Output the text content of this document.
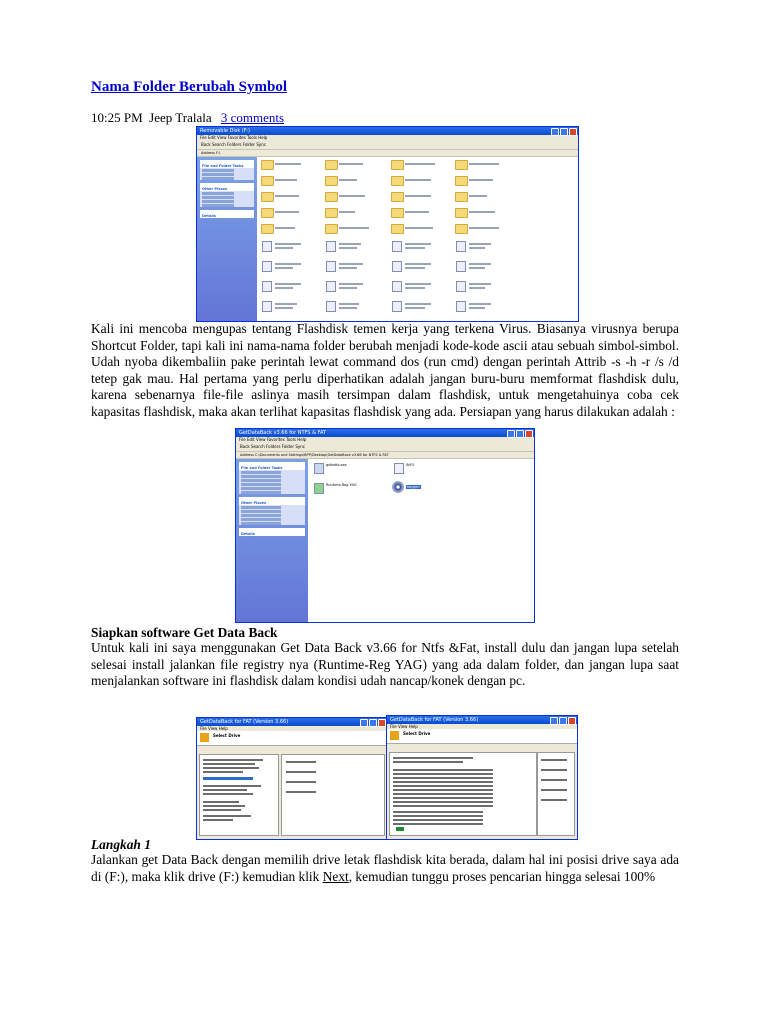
Nama Folder Berubah Symbol
10:25 PM Jeep Tralala 3 comments
Removable Disk (F:)
File Edit View Favorites Tools Help
Back Search Folders Folder Sync
Address F:\
File and Folder Tasks
Other Places
Details

Kali ini mencoba mengupas tentang Flashdisk temen kerja yang terkena Virus. Biasanya virusnya berupa Shortcut Folder, tapi kali ini nama-nama folder berubah menjadi kode-kode ascii atau sebuah simbol-simbol. Udah nyoba dikembaliin pake perintah lewat command dos (run cmd) dengan perintah Attrib -s -h -r /s /d tetep gak mau. Hal pertama yang perlu diperhatikan adalah jangan buru-buru memformat flashdisk dulu, karena sebenarnya file-file aslinya masih tersimpan dalam flashdisk, untuk mengetahuinya coba cek kapasitas flashdisk, maka akan terlihat kapasitas flashdisk yang ada. Persiapan yang harus dilakukan adalah :

GetDataBack v3.66 for NTFS & FAT
File Edit View Favorites Tools Help
Back Search Folders Folder Sync
Address C:\Documents and Settings\BPP\Desktop\GetDataBack v3.66 for NTFS & FAT
File and Folder Tasks
Other Places
Details
gdbntfs.exe	INFO
Runtime-Reg YAG	keygen
Siapkan software Get Data Back

Untuk kali ini saya menggunakan Get Data Back v3.66 for Ntfs &Fat, install dulu dan jangan lupa setelah selesai install jalankan file registry nya (Runtime-Reg YAG) yang ada dalam folder, dan jangan lupa saat menjalankan software ini flashdisk dalam kondisi udah nancap/konek dengan pc.

GetDataBack for FAT (Version 3.66)
File View Help
Select Drive
GetDataBack for FAT (Version 3.66)
File View Help
Select Drive
Langkah 1

Jalankan get Data Back dengan memilih drive letak flashdisk kita berada, dalam hal ini posisi drive saya ada di (F:), maka klik drive (F:) kemudian klik Next, kemudian tunggu proses pencarian hingga selesai 100%
